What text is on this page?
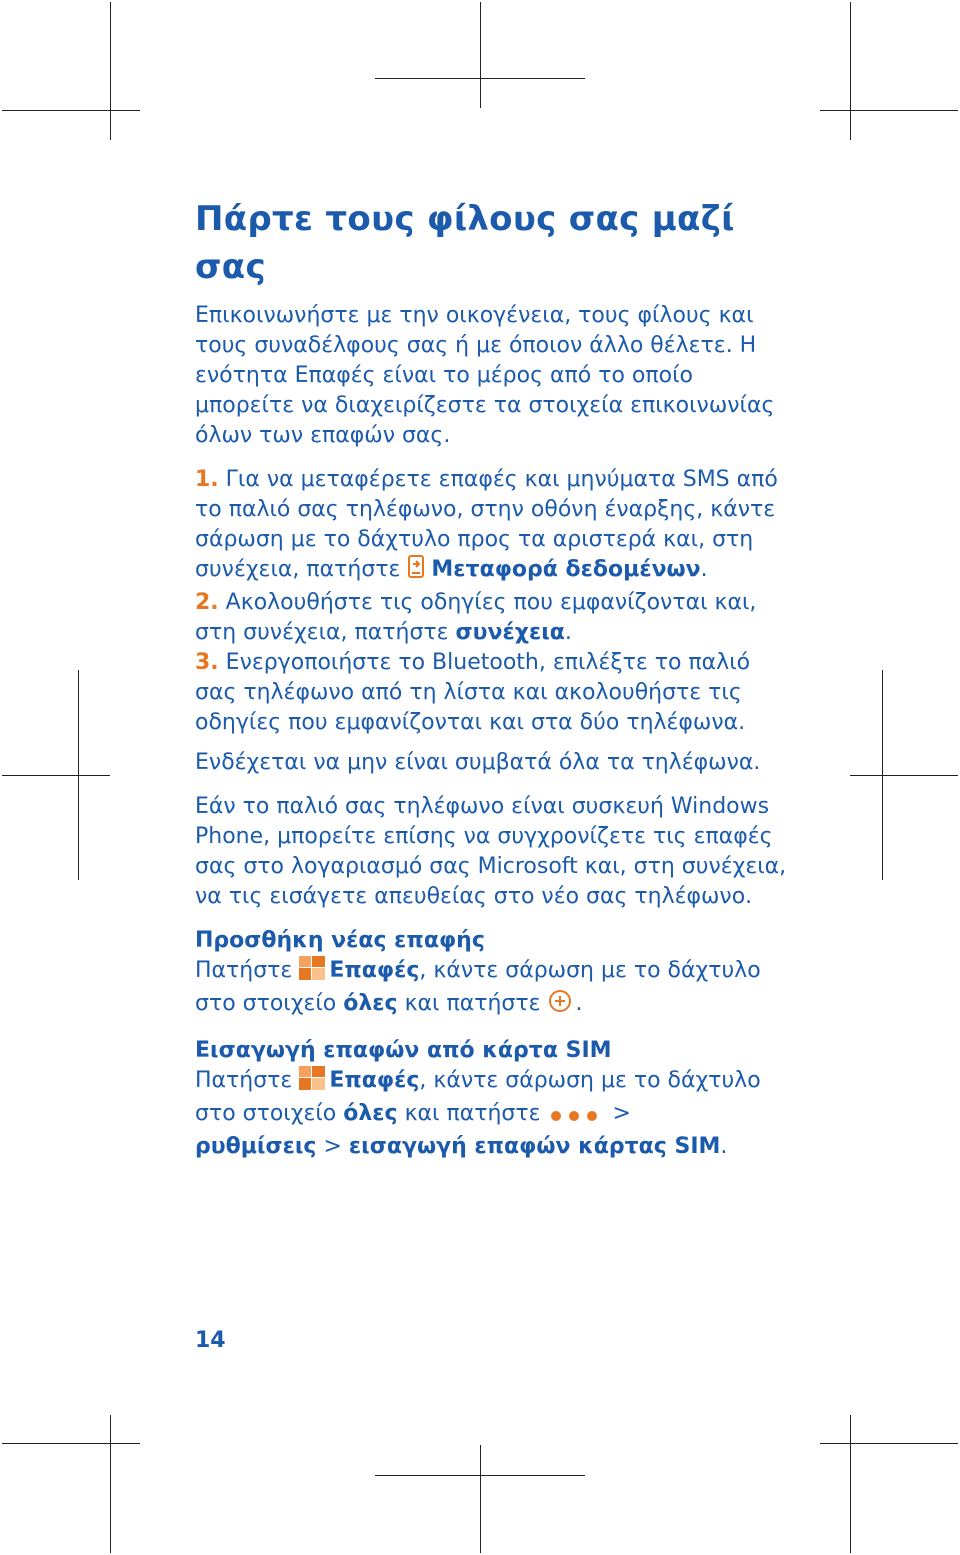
Πάρτε τους φίλους σας μαζί σας

Επικοινωνήστε με την οικογένεια, τους φίλους και τους συναδέλφους σας ή με όποιον άλλο θέλετε. Η ενότητα Επαφές είναι το μέρος από το οποίο μπορείτε να διαχειρίζεστε τα στοιχεία επικοινωνίας όλων των επαφών σας.

1. Για να μεταφέρετε επαφές και μηνύματα SMS από το παλιό σας τηλέφωνο, στην οθόνη έναρξης, κάντε σάρωση με το δάχτυλο προς τα αριστερά και, στη συνέχεια, πατήστε Μεταφορά δεδομένων.

2. Ακολουθήστε τις οδηγίες που εμφανίζονται και, στη συνέχεια, πατήστε συνέχεια.

3. Ενεργοποιήστε το Bluetooth, επιλέξτε το παλιό σας τηλέφωνο από τη λίστα και ακολουθήστε τις οδηγίες που εμφανίζονται και στα δύο τηλέφωνα.

Ενδέχεται να μην είναι συμβατά όλα τα τηλέφωνα.

Εάν το παλιό σας τηλέφωνο είναι συσκευή Windows Phone, μπορείτε επίσης να συγχρονίζετε τις επαφές σας στο λογαριασμό σας Microsoft και, στη συνέχεια, να τις εισάγετε απευθείας στο νέο σας τηλέφωνο.

Προσθήκη νέας επαφής
Πατήστε Επαφές, κάντε σάρωση με το δάχτυλο στο στοιχείο όλες και πατήστε .

Εισαγωγή επαφών από κάρτα SIM
Πατήστε Επαφές, κάντε σάρωση με το δάχτυλο στο στοιχείο όλες και πατήστε	>
ρυθμίσεις > εισαγωγή επαφών κάρτας SIM.

14
